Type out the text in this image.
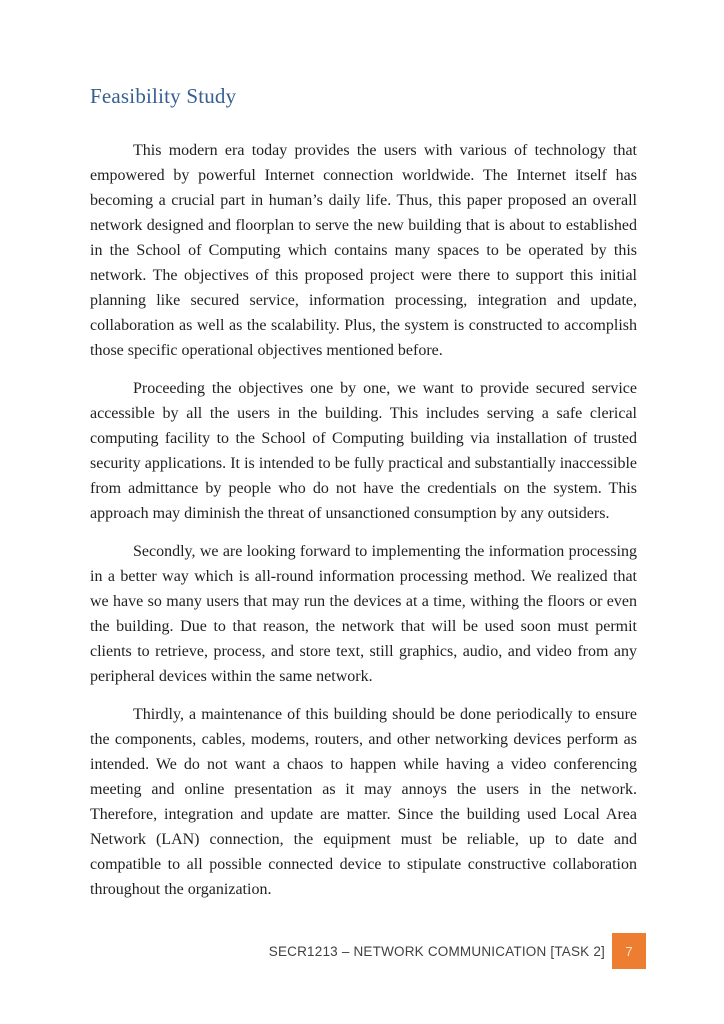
Feasibility Study

This modern era today provides the users with various of technology that empowered by powerful Internet connection worldwide. The Internet itself has becoming a crucial part in human’s daily life. Thus, this paper proposed an overall network designed and floorplan to serve the new building that is about to established in the School of Computing which contains many spaces to be operated by this network. The objectives of this proposed project were there to support this initial planning like secured service, information processing, integration and update, collaboration as well as the scalability. Plus, the system is constructed to accomplish those specific operational objectives mentioned before.

Proceeding the objectives one by one, we want to provide secured service accessible by all the users in the building. This includes serving a safe clerical computing facility to the School of Computing building via installation of trusted security applications. It is intended to be fully practical and substantially inaccessible from admittance by people who do not have the credentials on the system. This approach may diminish the threat of unsanctioned consumption by any outsiders.

Secondly, we are looking forward to implementing the information processing in a better way which is all-round information processing method. We realized that we have so many users that may run the devices at a time, withing the floors or even the building. Due to that reason, the network that will be used soon must permit clients to retrieve, process, and store text, still graphics, audio, and video from any peripheral devices within the same network.

Thirdly, a maintenance of this building should be done periodically to ensure the components, cables, modems, routers, and other networking devices perform as intended. We do not want a chaos to happen while having a video conferencing meeting and online presentation as it may annoys the users in the network. Therefore, integration and update are matter. Since the building used Local Area Network (LAN) connection, the equipment must be reliable, up to date and compatible to all possible connected device to stipulate constructive collaboration throughout the organization.

SECR1213 – NETWORK COMMUNICATION [TASK 2]	7
